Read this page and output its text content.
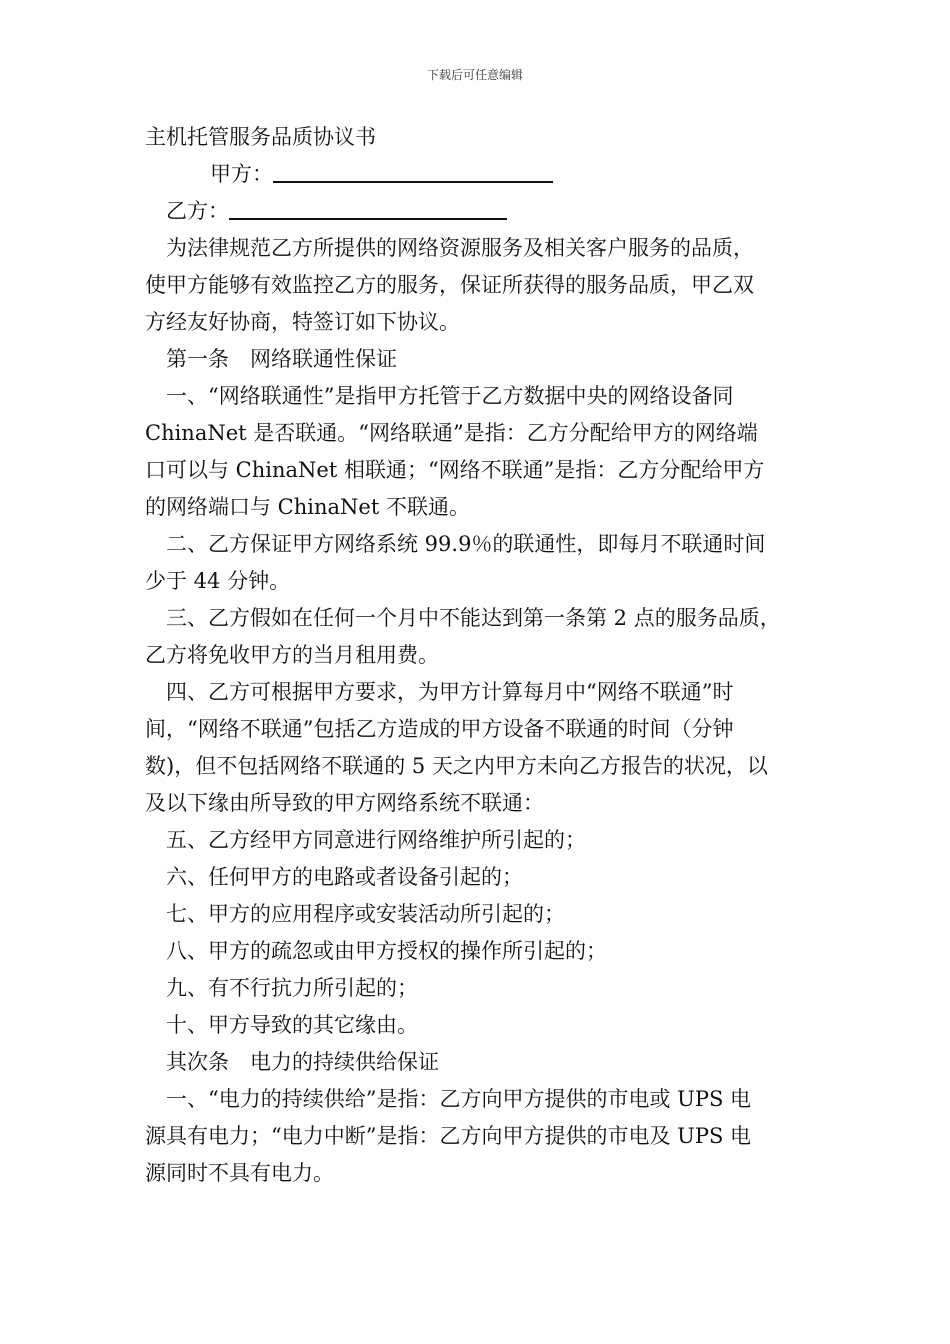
下载后可任意编辑
主机托管服务品质协议书
甲方：
乙方：
为法律规范乙方所提供的网络资源服务及相关客户服务的品质，
使甲方能够有效监控乙方的服务，保证所获得的服务品质，甲乙双
方经友好协商，特签订如下协议。
第一条　网络联通性保证
一、“网络联通性”是指甲方托管于乙方数据中央的网络设备同
ChinaNet 是否联通。“网络联通”是指：乙方分配给甲方的网络端
口可以与 ChinaNet 相联通；“网络不联通”是指：乙方分配给甲方
的网络端口与 ChinaNet 不联通。
二、乙方保证甲方网络系统 99.9％的联通性，即每月不联通时间
少于 44 分钟。
三、乙方假如在任何一个月中不能达到第一条第 2 点的服务品质，
乙方将免收甲方的当月租用费。
四、乙方可根据甲方要求，为甲方计算每月中“网络不联通”时
间，“网络不联通”包括乙方造成的甲方设备不联通的时间（分钟
数)，但不包括网络不联通的 5 天之内甲方未向乙方报告的状况，以
及以下缘由所导致的甲方网络系统不联通：
五、乙方经甲方同意进行网络维护所引起的；
六、任何甲方的电路或者设备引起的；
七、甲方的应用程序或安装活动所引起的；
八、甲方的疏忽或由甲方授权的操作所引起的；
九、有不行抗力所引起的；
十、甲方导致的其它缘由。
其次条　电力的持续供给保证
一、“电力的持续供给”是指：乙方向甲方提供的市电或 UPS 电
源具有电力；“电力中断”是指：乙方向甲方提供的市电及 UPS 电
源同时不具有电力。
